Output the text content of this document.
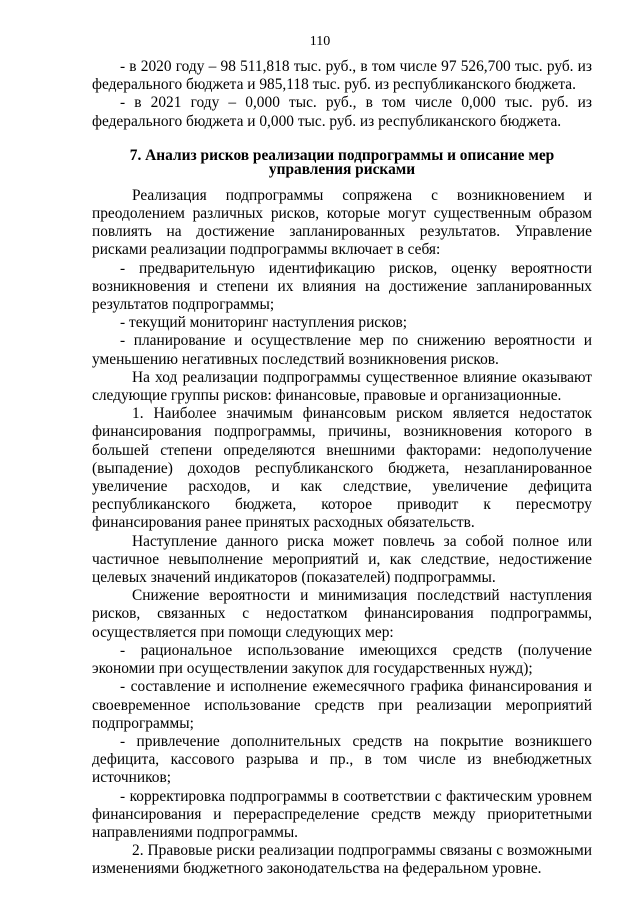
110

- в 2020 году – 98 511,818 тыс. руб., в том числе 97 526,700 тыс. руб. из федерального бюджета и 985,118 тыс. руб. из республиканского бюджета.

- в 2021 году – 0,000 тыс. руб., в том числе 0,000 тыс. руб. из федерального бюджета и 0,000 тыс. руб. из республиканского бюджета.

7. Анализ рисков реализации подпрограммы и описание мер управления рисками

Реализация подпрограммы сопряжена с возникновением и преодолением различных рисков, которые могут существенным образом повлиять на достижение запланированных результатов. Управление рисками реализации подпрограммы включает в себя:

- предварительную идентификацию рисков, оценку вероятности возникновения и степени их влияния на достижение запланированных результатов подпрограммы;

- текущий мониторинг наступления рисков;

- планирование и осуществление мер по снижению вероятности и уменьшению негативных последствий возникновения рисков.

На ход реализации подпрограммы существенное влияние оказывают следующие группы рисков: финансовые, правовые и организационные.

1. Наиболее значимым финансовым риском является недостаток финансирования подпрограммы, причины, возникновения которого в большей степени определяются внешними факторами: недополучение (выпадение) доходов республиканского бюджета, незапланированное увеличение расходов, и как следствие, увеличение дефицита республиканского бюджета, которое приводит к пересмотру финансирования ранее принятых расходных обязательств.

Наступление данного риска может повлечь за собой полное или частичное невыполнение мероприятий и, как следствие, недостижение целевых значений индикаторов (показателей) подпрограммы.

Снижение вероятности и минимизация последствий наступления рисков, связанных с недостатком финансирования подпрограммы, осуществляется при помощи следующих мер:

- рациональное использование имеющихся средств (получение экономии при осуществлении закупок для государственных нужд);

- составление и исполнение ежемесячного графика финансирования и своевременное использование средств при реализации мероприятий подпрограммы;

- привлечение дополнительных средств на покрытие возникшего дефицита, кассового разрыва и пр., в том числе из внебюджетных источников;

- корректировка подпрограммы в соответствии с фактическим уровнем финансирования и перераспределение средств между приоритетными направлениями подпрограммы.

2. Правовые риски реализации подпрограммы связаны с возможными изменениями бюджетного законодательства на федеральном уровне.
